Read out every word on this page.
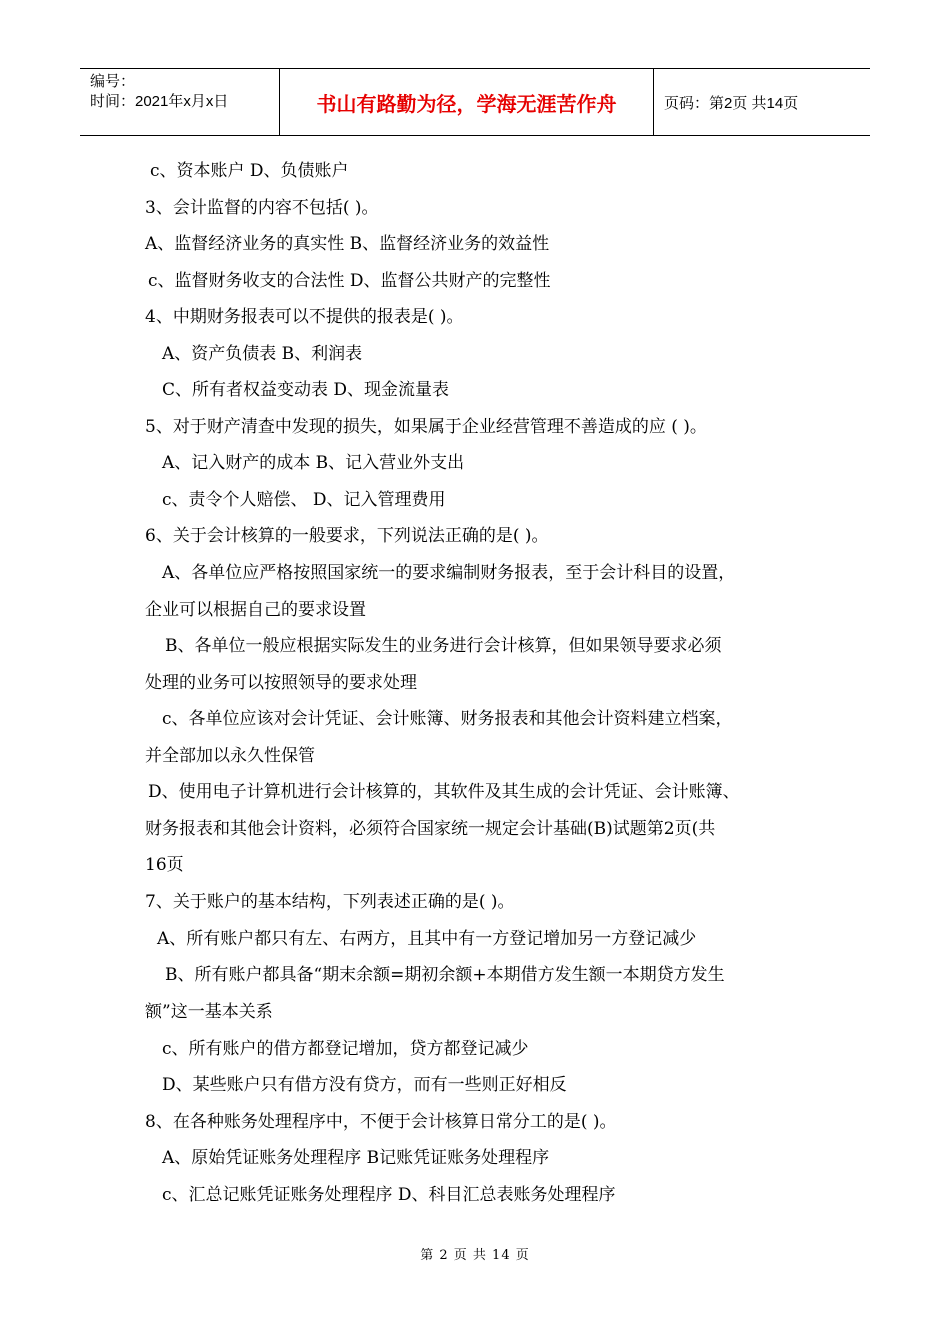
编号：
时间：2021年x月x日	书山有路勤为径，学海无涯苦作舟	页码：第2页 共14页
c、资本账户 D、负债账户
3、会计监督的内容不包括( )。
A、监督经济业务的真实性 B、监督经济业务的效益性
c、监督财务收支的合法性 D、监督公共财产的完整性
4、中期财务报表可以不提供的报表是( )。
A、资产负债表 B、利润表
C、所有者权益变动表 D、现金流量表
5、对于财产清查中发现的损失，如果属于企业经营管理不善造成的应 ( )。
A、记入财产的成本 B、记入营业外支出
c、责令个人赔偿、 D、记入管理费用
6、关于会计核算的一般要求，下列说法正确的是( )。
A、各单位应严格按照国家统一的要求编制财务报表，至于会计科目的设置，
企业可以根据自己的要求设置
B、各单位一般应根据实际发生的业务进行会计核算，但如果领导要求必须
处理的业务可以按照领导的要求处理
c、各单位应该对会计凭证、会计账簿、财务报表和其他会计资料建立档案，
并全部加以永久性保管
D、使用电子计算机进行会计核算的，其软件及其生成的会计凭证、会计账簿、
财务报表和其他会计资料，必须符合国家统一规定会计基础(B)试题第2页(共
16页
7、关于账户的基本结构，下列表述正确的是( )。
A、所有账户都只有左、右两方，且其中有一方登记增加另一方登记减少
B、所有账户都具备“期末余额=期初余额+本期借方发生额一本期贷方发生
额”这一基本关系
c、所有账户的借方都登记增加，贷方都登记减少
D、某些账户只有借方没有贷方，而有一些则正好相反
8、在各种账务处理程序中，不便于会计核算日常分工的是( )。
A、原始凭证账务处理程序 B记账凭证账务处理程序
c、汇总记账凭证账务处理程序 D、科目汇总表账务处理程序
第 2 页 共 14 页
